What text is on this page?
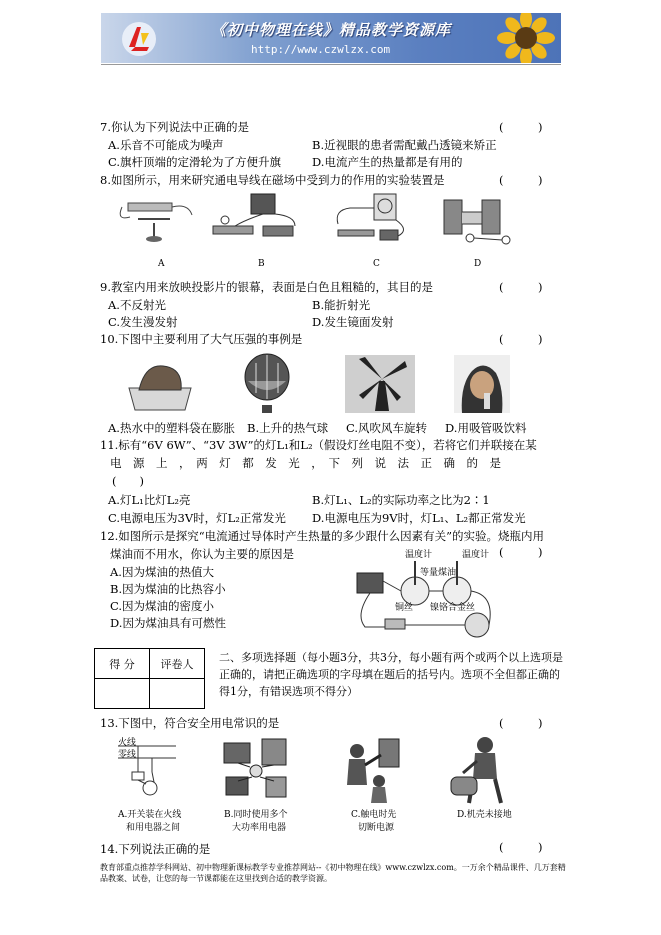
《初中物理在线》精品教学资源库
http://www.czwlzx.com
7.你认为下列说法中正确的是	(　　　)
A.乐音不可能成为噪声	B.近视眼的患者需配戴凸透镜来矫正
C.旗杆顶端的定滑轮为了方便升旗	D.电流产生的热量都是有用的
8.如图所示，用来研究通电导线在磁场中受到力的作用的实验装置是	(　　　)
A	B	C	D
9.教室内用来放映投影片的银幕，表面是白色且粗糙的，其目的是	(　　　)
A.不反射光	B.能折射光
C.发生漫发射	D.发生镜面发射
10.下图中主要利用了大气压强的事例是	(　　　)
A.热水中的塑料袋在膨胀 B.上升的热气球 C.风吹风车旋转 D.用吸管吸饮料
11.标有“6V 6W”、“3V 3W”的灯L₁和L₂（假设灯丝电阻不变），若将它们并联接在某
电　源　上　，　两　灯　都　发　光　，　下　列　说　法　正　确　的　是
(　　)
A.灯L₁比灯L₂亮	B.灯L₁、L₂的实际功率之比为2∶1
C.电源电压为3V时，灯L₂正常发光 D.电源电压为9V时，灯L₁、L₂都正常发光
12.如图所示是探究“电流通过导体时产生热量的多少跟什么因素有关”的实验。烧瓶内用
煤油而不用水，你认为主要的原因是	(　　　)
A.因为煤油的热值大
B.因为煤油的比热容小
C.因为煤油的密度小
D.因为煤油具有可燃性
温度计	温度计
等量煤油
铜丝 镍铬合金丝
得 分	评卷人
	二、多项选择题（每小题3分，共3分，每小题有两个或两个以上选项是正确的，请把正确选项的字母填在题后的括号内。选项不全但都正确的得1分，有错误选项不得分）
13.下图中，符合安全用电常识的是	(　　　)
火线
零线
A.开关装在火线
和用电器之间
B.同时使用多个
大功率用电器
C.触电时先
切断电源
D.机壳未接地
14.下列说法正确的是	(　　　)
教育部重点推荐学科网站、初中物理新课标教学专业推荐网站--《初中物理在线》www.czwlzx.com。一万余个精品课件、几万套精品教案、试卷，让您的每一节课都能在这里找到合适的教学资源。
